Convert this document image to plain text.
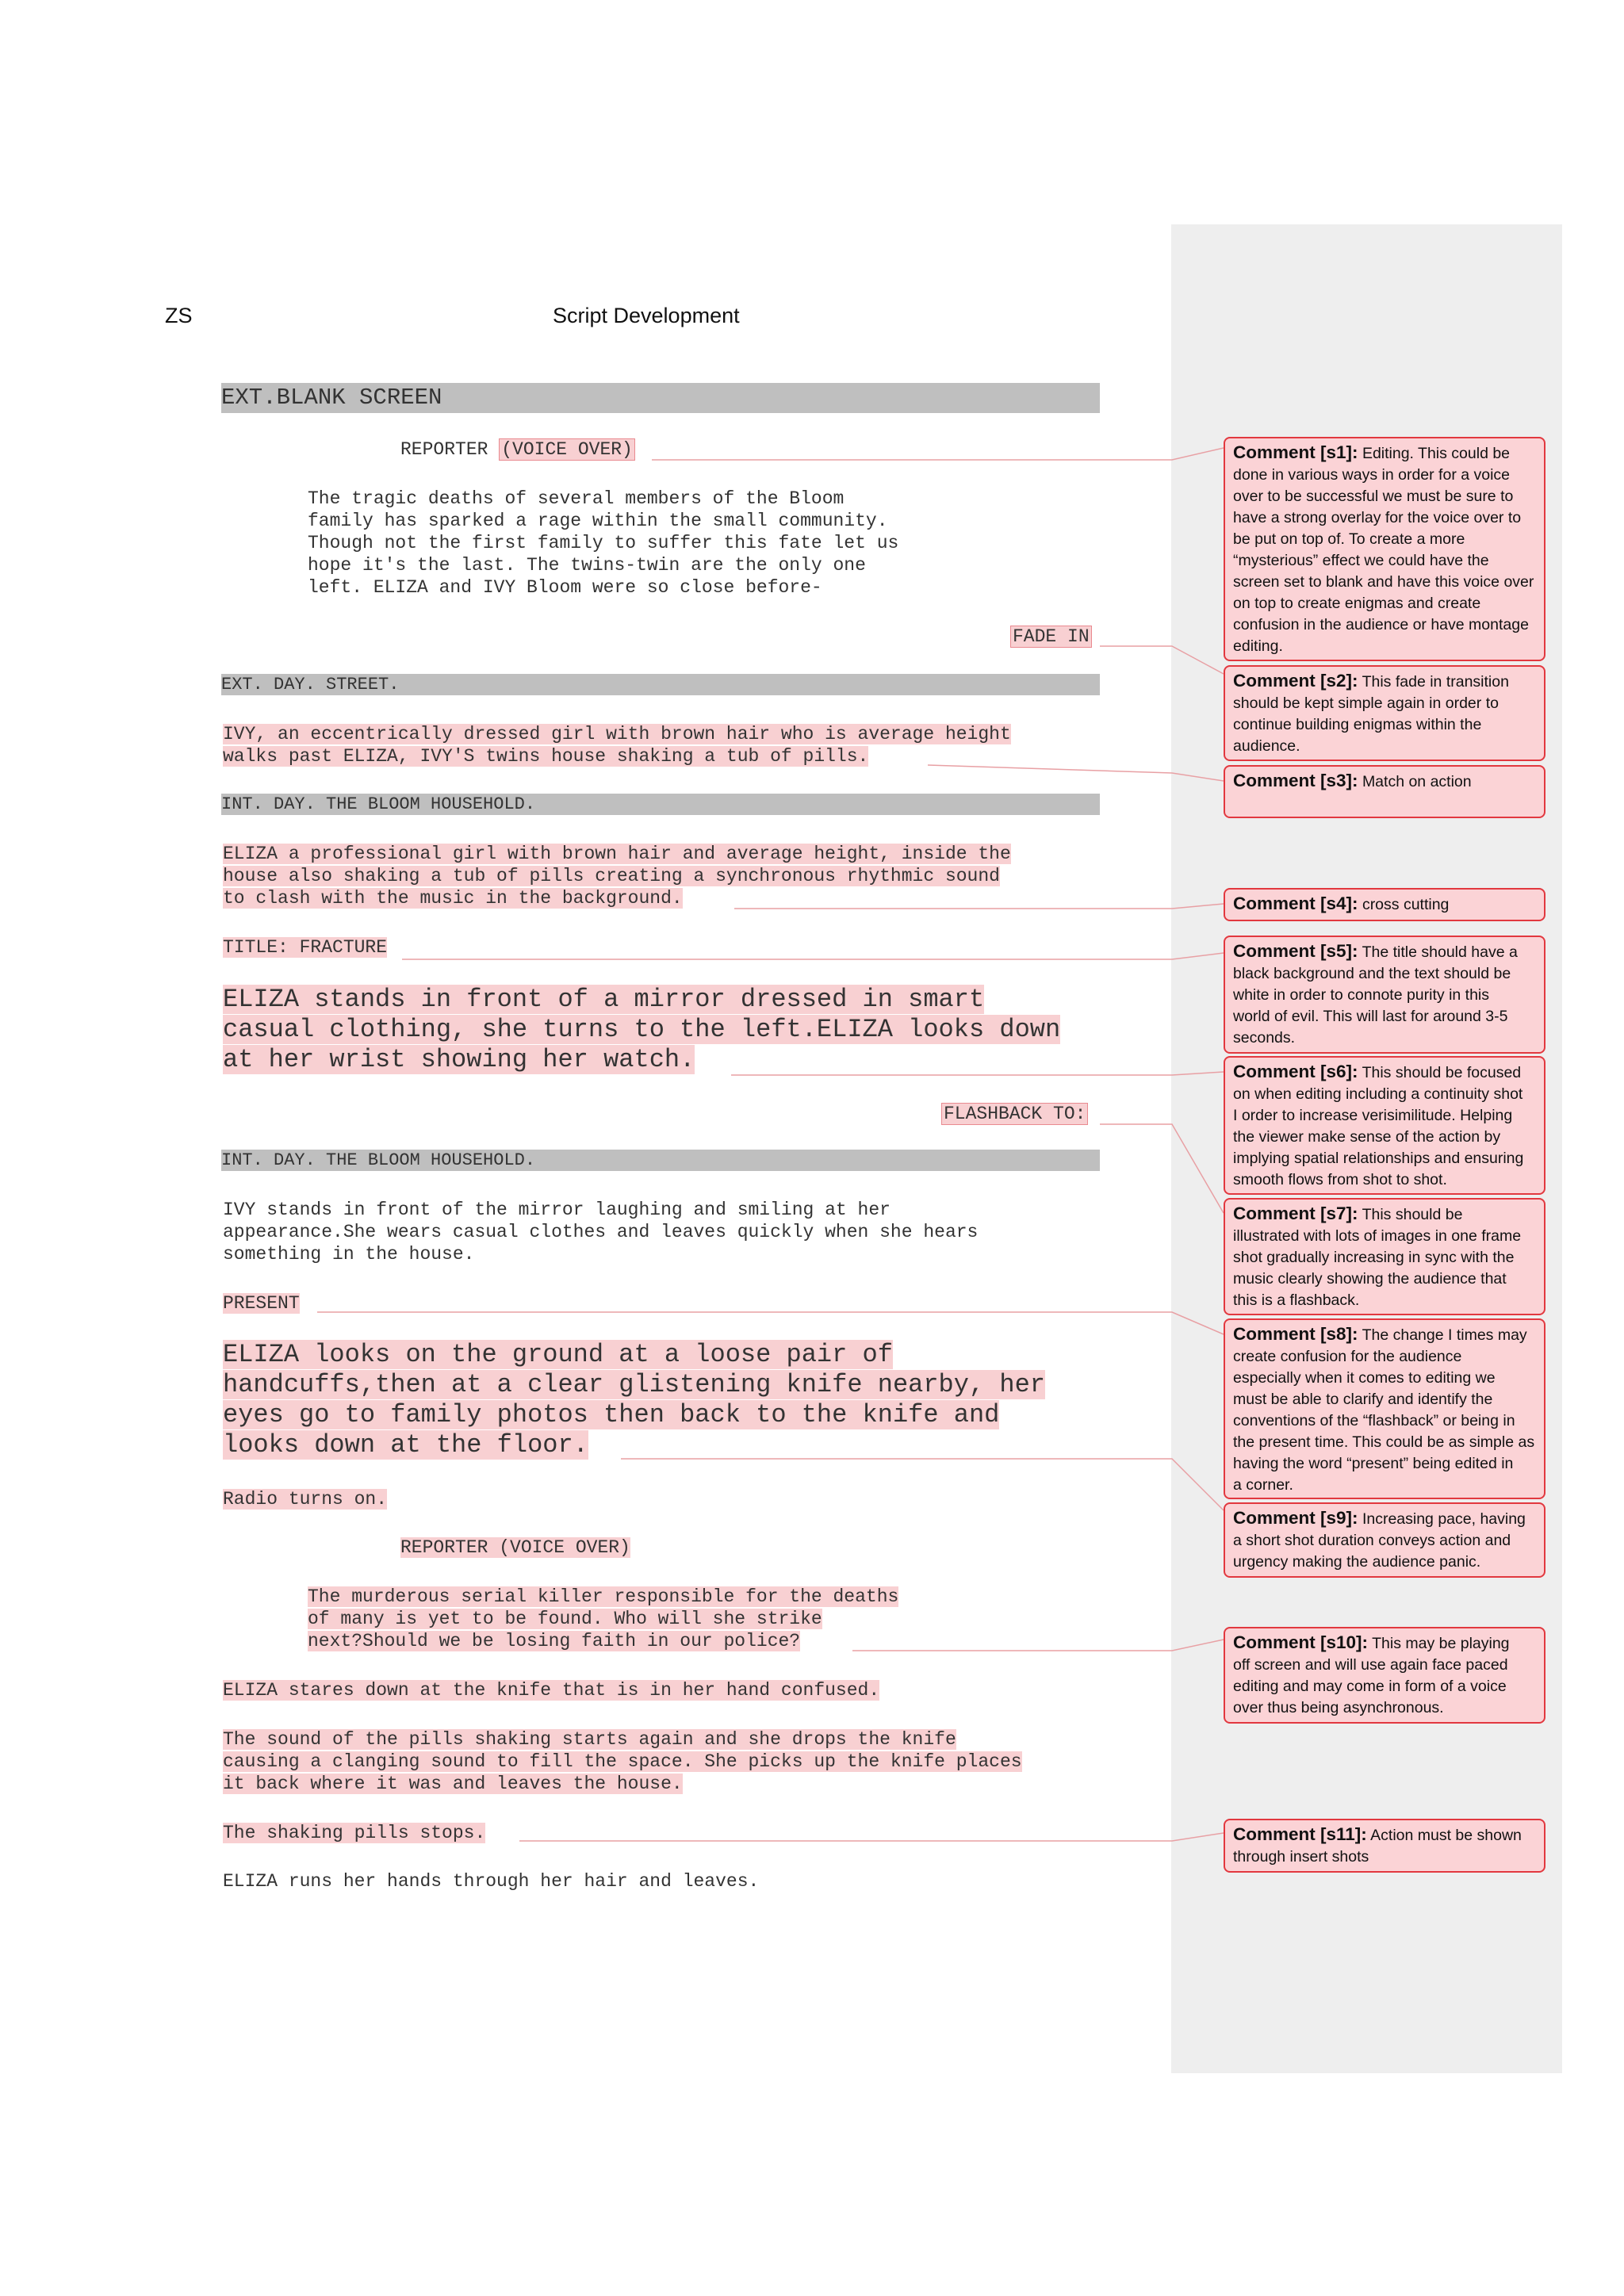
ZS	Script Development
EXT.BLANK SCREEN
REPORTER (VOICE OVER)
The tragic deaths of several members of the Bloom
family has sparked a rage within the small community.
Though not the first family to suffer this fate let us
hope it's the last. The twins-twin are the only one
left. ELIZA and IVY Bloom were so close before-
FADE IN
EXT. DAY. STREET.
IVY, an eccentrically dressed girl with brown hair who is average height
walks past ELIZA, IVY'S twins house shaking a tub of pills.
INT. DAY. THE BLOOM HOUSEHOLD.
ELIZA a professional girl with brown hair and average height, inside the
house also shaking a tub of pills creating a synchronous rhythmic sound
to clash with the music in the background.
TITLE: FRACTURE
ELIZA stands in front of a mirror dressed in smart
casual clothing, she turns to the left.ELIZA looks down
at her wrist showing her watch.
FLASHBACK TO:
INT. DAY. THE BLOOM HOUSEHOLD.
IVY stands in front of the mirror laughing and smiling at her
appearance.She wears casual clothes and leaves quickly when she hears
something in the house.
PRESENT
ELIZA looks on the ground at a loose pair of
handcuffs,then at a clear glistening knife nearby, her
eyes go to family photos then back to the knife and
looks down at the floor.
Radio turns on.
REPORTER (VOICE OVER)
The murderous serial killer responsible for the deaths
of many is yet to be found. Who will she strike
next?Should we be losing faith in our police?
ELIZA stares down at the knife that is in her hand confused.
The sound of the pills shaking starts again and she drops the knife
causing a clanging sound to fill the space. She picks up the knife places
it back where it was and leaves the house.
The shaking pills stops.
ELIZA runs her hands through her hair and leaves.
Comment [s1]: Editing. This could be
done in various ways in order for a voice
over to be successful we must be sure to
have a strong overlay for the voice over to
be put on top of. To create a more
“mysterious” effect we could have the
screen set to blank and have this voice over
on top to create enigmas and create
confusion in the audience or have montage
editing.
Comment [s2]: This fade in transition
should be kept simple again in order to
continue building enigmas within the
audience.
Comment [s3]: Match on action
Comment [s4]: cross cutting
Comment [s5]: The title should have a
black background and the text should be
white in order to connote purity in this
world of evil. This will last for around 3-5
seconds.
Comment [s6]: This should be focused
on when editing including a continuity shot
I order to increase verisimilitude. Helping
the viewer make sense of the action by
implying spatial relationships and ensuring
smooth flows from shot to shot.
Comment [s7]: This should be
illustrated with lots of images in one frame
shot gradually increasing in sync with the
music clearly showing the audience that
this is a flashback.
Comment [s8]: The change I times may
create confusion for the audience
especially when it comes to editing we
must be able to clarify and identify the
conventions of the “flashback” or being in
the present time. This could be as simple as
having the word “present” being edited in
a corner.
Comment [s9]: Increasing pace, having
a short shot duration conveys action and
urgency making the audience panic.
Comment [s10]: This may be playing
off screen and will use again face paced
editing and may come in form of a voice
over thus being asynchronous.
Comment [s11]: Action must be shown
through insert shots
